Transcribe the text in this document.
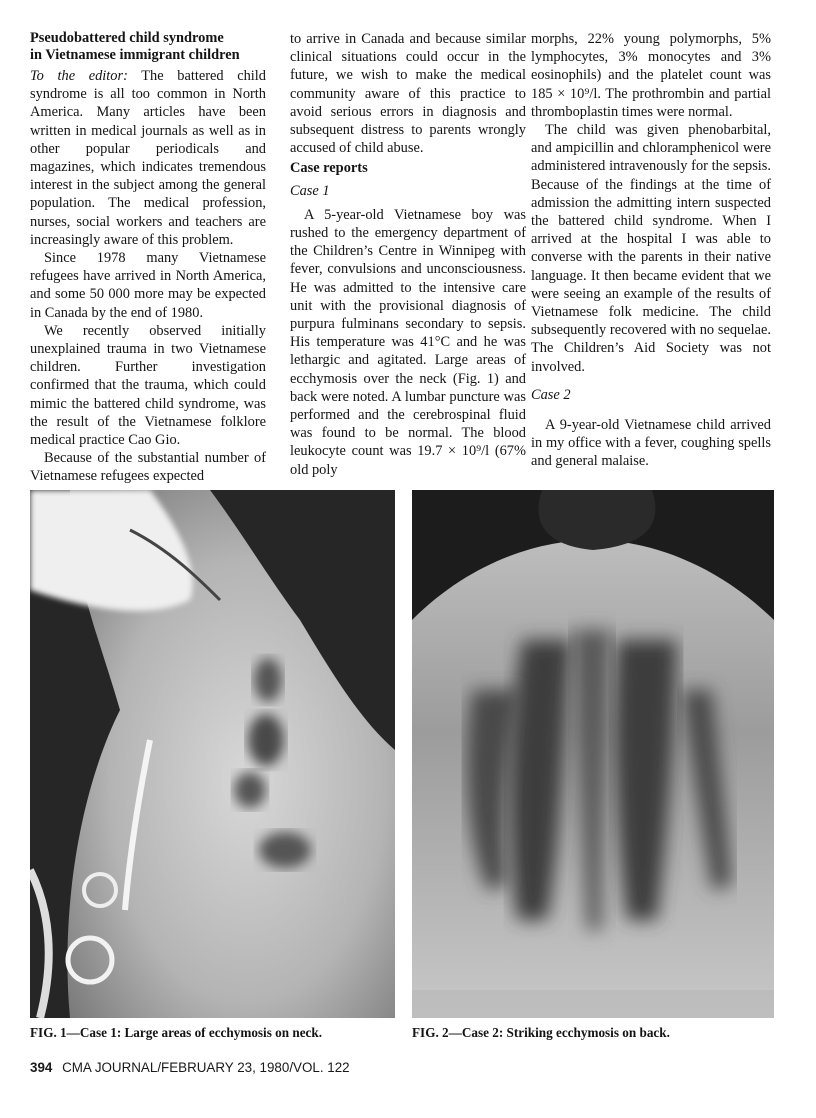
Pseudobattered child syndrome
in Vietnamese immigrant children

To the editor: The battered child syndrome is all too common in North America. Many articles have been written in medical journals as well as in other popular periodicals and magazines, which indicates tremendous interest in the subject among the general population. The medical profession, nurses, social workers and teachers are increasingly aware of this problem.

Since 1978 many Vietnamese refugees have arrived in North America, and some 50 000 more may be expected in Canada by the end of 1980.

We recently observed initially unexplained trauma in two Vietnamese children. Further investigation confirmed that the trauma, which could mimic the battered child syndrome, was the result of the Vietnamese folklore medical practice Cao Gio.

Because of the substantial number of Vietnamese refugees expected

to arrive in Canada and because similar clinical situations could occur in the future, we wish to make the medical community aware of this practice to avoid serious errors in diagnosis and subsequent distress to parents wrongly accused of child abuse.

Case reports

Case 1

A 5-year-old Vietnamese boy was rushed to the emergency department of the Children’s Centre in Winnipeg with fever, convulsions and unconsciousness. He was admitted to the intensive care unit with the provisional diagnosis of purpura fulminans secondary to sepsis. His temperature was 41°C and he was lethargic and agitated. Large areas of ecchymosis over the neck (Fig. 1) and back were noted. A lumbar puncture was performed and the cerebrospinal fluid was found to be normal. The blood leukocyte count was 19.7 × 10⁹/l (67% old poly

morphs, 22% young polymorphs, 5% lymphocytes, 3% monocytes and 3% eosinophils) and the platelet count was 185 × 10⁹/l. The prothrombin and partial thromboplastin times were normal.

The child was given phenobarbital, and ampicillin and chloramphenicol were administered intravenously for the sepsis. Because of the findings at the time of admission the admitting intern suspected the battered child syndrome. When I arrived at the hospital I was able to converse with the parents in their native language. It then became evident that we were seeing an example of the results of Vietnamese folk medicine. The child subsequently recovered with no sequelae. The Children’s Aid Society was not involved.

Case 2

A 9-year-old Vietnamese child arrived in my office with a fever, coughing spells and general malaise.

FIG. 1—Case 1: Large areas of ecchymosis on neck.	FIG. 2—Case 2: Striking ecchymosis on back.
394 CMA JOURNAL/FEBRUARY 23, 1980/VOL. 122
